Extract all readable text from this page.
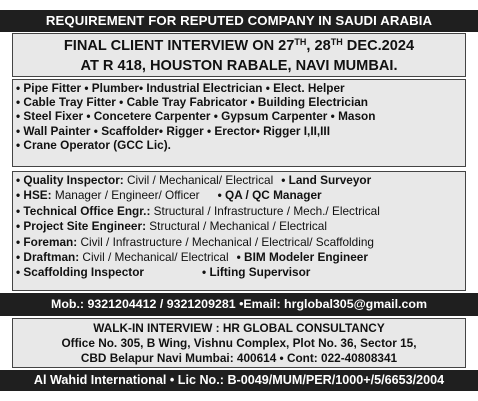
REQUIREMENT FOR REPUTED COMPANY IN SAUDI ARABIA
FINAL CLIENT INTERVIEW ON 27TH, 28TH DEC.2024
AT R 418, HOUSTON RABALE, NAVI MUMBAI.
• Pipe Fitter • Plumber• Industrial Electrician • Elect. Helper
• Cable Tray Fitter • Cable Tray Fabricator • Building Electrician
• Steel Fixer • Concetere Carpenter • Gypsum Carpenter • Mason
• Wall Painter • Scaffolder• Rigger • Erector• Rigger I,II,III
• Crane Operator (GCC Lic).
• Quality Inspector: Civil / Mechanical/ Electrical • Land Surveyor
• HSE: Manager / Engineer/ Officer • QA / QC Manager
• Technical Office Engr.: Structural / Infrastructure / Mech./ Electrical
• Project Site Engineer: Structural / Mechanical / Electrical
• Foreman: Civil / Infrastructure / Mechanical / Electrical/ Scaffolding
• Draftman: Civil / Mechanical/ Electrical • BIM Modeler Engineer
• Scaffolding Inspector	• Lifting Supervisor
Mob.: 9321204412 / 9321209281 •Email: hrglobal305@gmail.com
WALK-IN INTERVIEW : HR GLOBAL CONSULTANCY
Office No. 305, B Wing, Vishnu Complex, Plot No. 36, Sector 15,
CBD Belapur Navi Mumbai: 400614 • Cont: 022-40808341
Al Wahid International • Lic No.: B-0049/MUM/PER/1000+/5/6653/2004
